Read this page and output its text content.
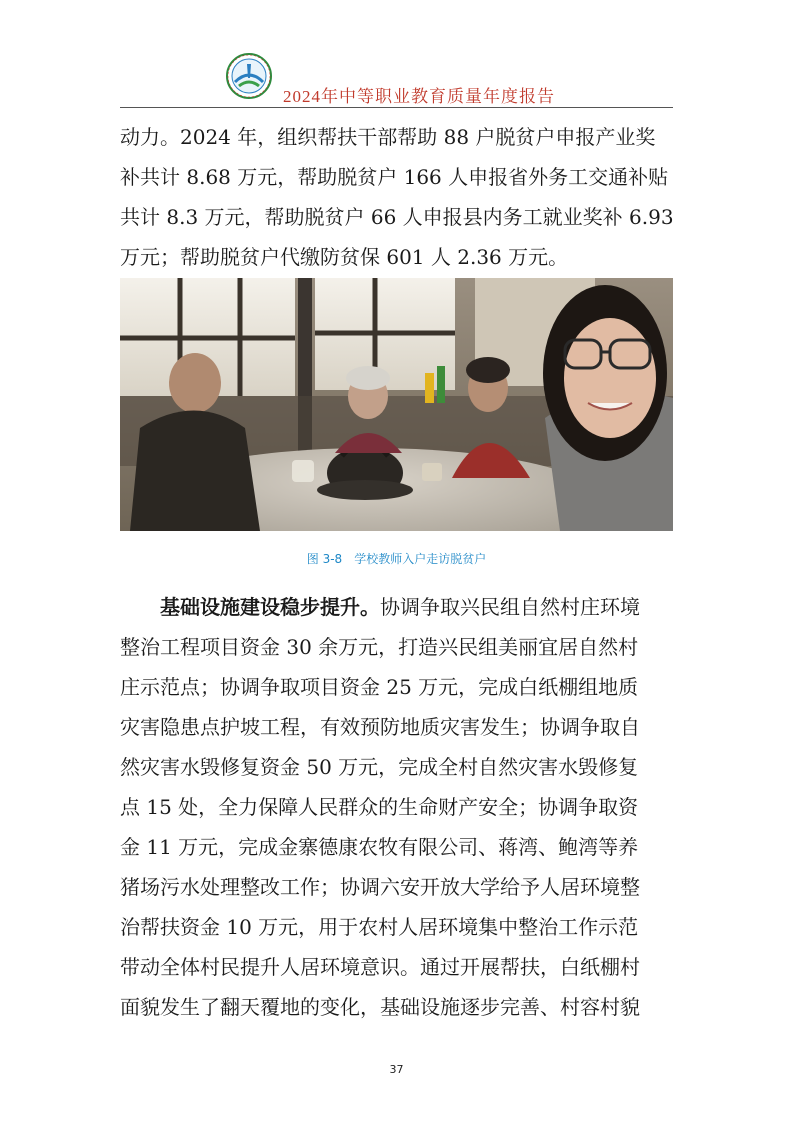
2024年中等职业教育质量年度报告
动力。2024 年，组织帮扶干部帮助 88 户脱贫户申报产业奖
补共计 8.68 万元，帮助脱贫户 166 人申报省外务工交通补贴
共计 8.3 万元，帮助脱贫户 66 人申报县内务工就业奖补 6.93
万元；帮助脱贫户代缴防贫保 601 人 2.36 万元。
图 3-8　学校教师入户走访脱贫户
基础设施建设稳步提升。协调争取兴民组自然村庄环境
整治工程项目资金 30 余万元，打造兴民组美丽宜居自然村
庄示范点；协调争取项目资金 25 万元，完成白纸棚组地质
灾害隐患点护坡工程，有效预防地质灾害发生；协调争取自
然灾害水毁修复资金 50 万元，完成全村自然灾害水毁修复
点 15 处，全力保障人民群众的生命财产安全；协调争取资
金 11 万元，完成金寨德康农牧有限公司、蒋湾、鲍湾等养
猪场污水处理整改工作；协调六安开放大学给予人居环境整
治帮扶资金 10 万元，用于农村人居环境集中整治工作示范
带动全体村民提升人居环境意识。通过开展帮扶，白纸棚村
面貌发生了翻天覆地的变化，基础设施逐步完善、村容村貌
37
